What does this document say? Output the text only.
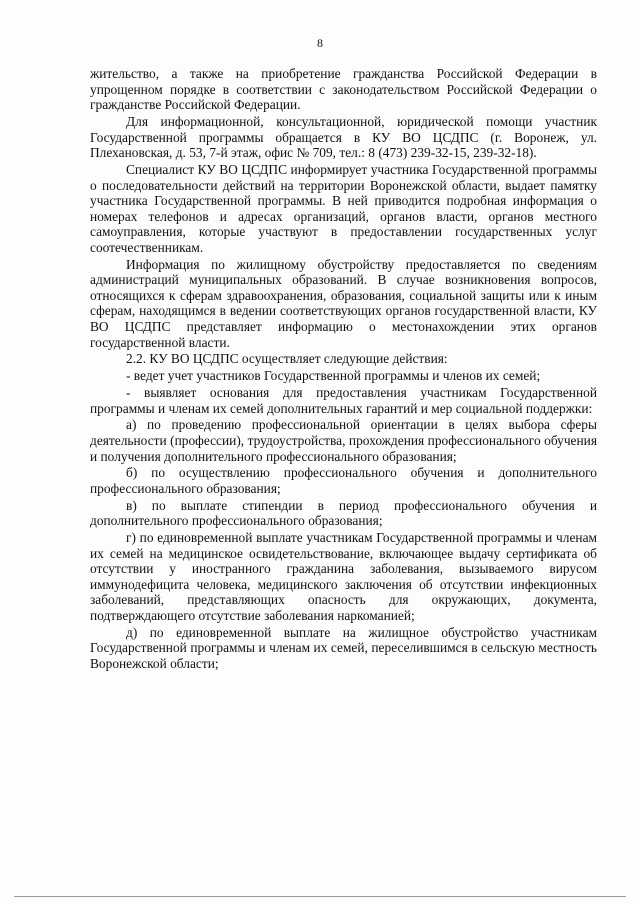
8

жительство, а также на приобретение гражданства Российской Федерации в упрощенном порядке в соответствии с законодательством Российской Федерации о гражданстве Российской Федерации.

Для информационной, консультационной, юридической помощи участник Государственной программы обращается в КУ ВО ЦСДПС (г. Воронеж, ул. Плехановская, д. 53, 7-й этаж, офис № 709, тел.: 8 (473) 239-32-15, 239-32-18).

Специалист КУ ВО ЦСДПС информирует участника Государственной программы о последовательности действий на территории Воронежской области, выдает памятку участника Государственной программы. В ней приводится подробная информация о номерах телефонов и адресах организаций, органов власти, органов местного самоуправления, которые участвуют в предоставлении государственных услуг соотечественникам.

Информация по жилищному обустройству предоставляется по сведениям администраций муниципальных образований. В случае возникновения вопросов, относящихся к сферам здравоохранения, образования, социальной защиты или к иным сферам, находящимся в ведении соответствующих органов государственной власти, КУ ВО ЦСДПС представляет информацию о местонахождении этих органов государственной власти.

2.2. КУ ВО ЦСДПС осуществляет следующие действия:

- ведет учет участников Государственной программы и членов их семей;

- выявляет основания для предоставления участникам Государственной программы и членам их семей дополнительных гарантий и мер социальной поддержки:

а) по проведению профессиональной ориентации в целях выбора сферы деятельности (профессии), трудоустройства, прохождения профессионального обучения и получения дополнительного профессионального образования;

б) по осуществлению профессионального обучения и дополнительного профессионального образования;

в) по выплате стипендии в период профессионального обучения и дополнительного профессионального образования;

г) по единовременной выплате участникам Государственной программы и членам их семей на медицинское освидетельствование, включающее выдачу сертификата об отсутствии у иностранного гражданина заболевания, вызываемого вирусом иммунодефицита человека, медицинского заключения об отсутствии инфекционных заболеваний, представляющих опасность для окружающих, документа, подтверждающего отсутствие заболевания наркоманией;

д) по единовременной выплате на жилищное обустройство участникам Государственной программы и членам их семей, переселившимся в сельскую местность Воронежской области;
